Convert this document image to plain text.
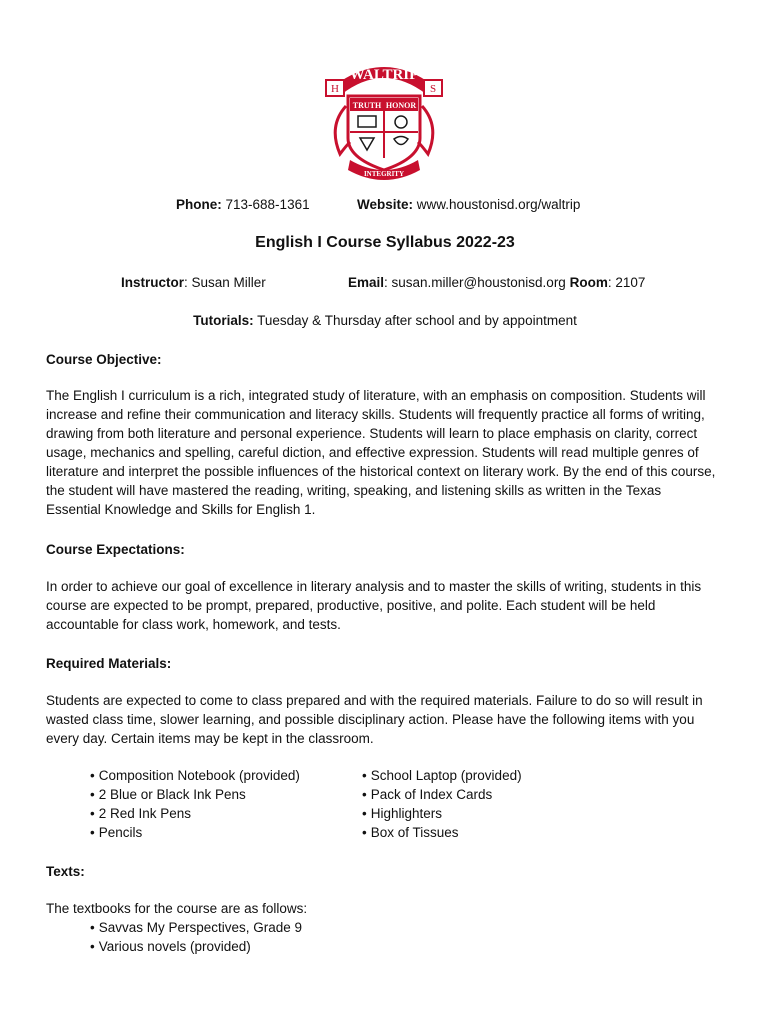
WALTRIP
H	S
TRUTH HONOR
INTEGRITY
Phone: 713-688-1361	Website: www.houstonisd.org/waltrip
English I Course Syllabus 2022-23
Instructor: Susan Miller	Email: susan.miller@houstonisd.org Room: 2107
Tutorials: Tuesday & Thursday after school and by appointment
Course Objective:
The English I curriculum is a rich, integrated study of literature, with an emphasis on composition. Students will increase and refine their communication and literacy skills. Students will frequently practice all forms of writing, drawing from both literature and personal experience. Students will learn to place emphasis on clarity, correct usage, mechanics and spelling, careful diction, and effective expression. Students will read multiple genres of literature and interpret the possible influences of the historical context on literary work. By the end of this course, the student will have mastered the reading, writing, speaking, and listening skills as written in the Texas Essential Knowledge and Skills for English 1.
Course Expectations:
In order to achieve our goal of excellence in literary analysis and to master the skills of writing, students in this course are expected to be prompt, prepared, productive, positive, and polite. Each student will be held accountable for class work, homework, and tests.
Required Materials:
Students are expected to come to class prepared and with the required materials. Failure to do so will result in wasted class time, slower learning, and possible disciplinary action. Please have the following items with you every day. Certain items may be kept in the classroom.
• Composition Notebook (provided)
• 2 Blue or Black Ink Pens
• 2 Red Ink Pens
• Pencils
• School Laptop (provided)
• Pack of Index Cards
• Highlighters
• Box of Tissues
Texts:
The textbooks for the course are as follows:
• Savvas My Perspectives, Grade 9
• Various novels (provided)
